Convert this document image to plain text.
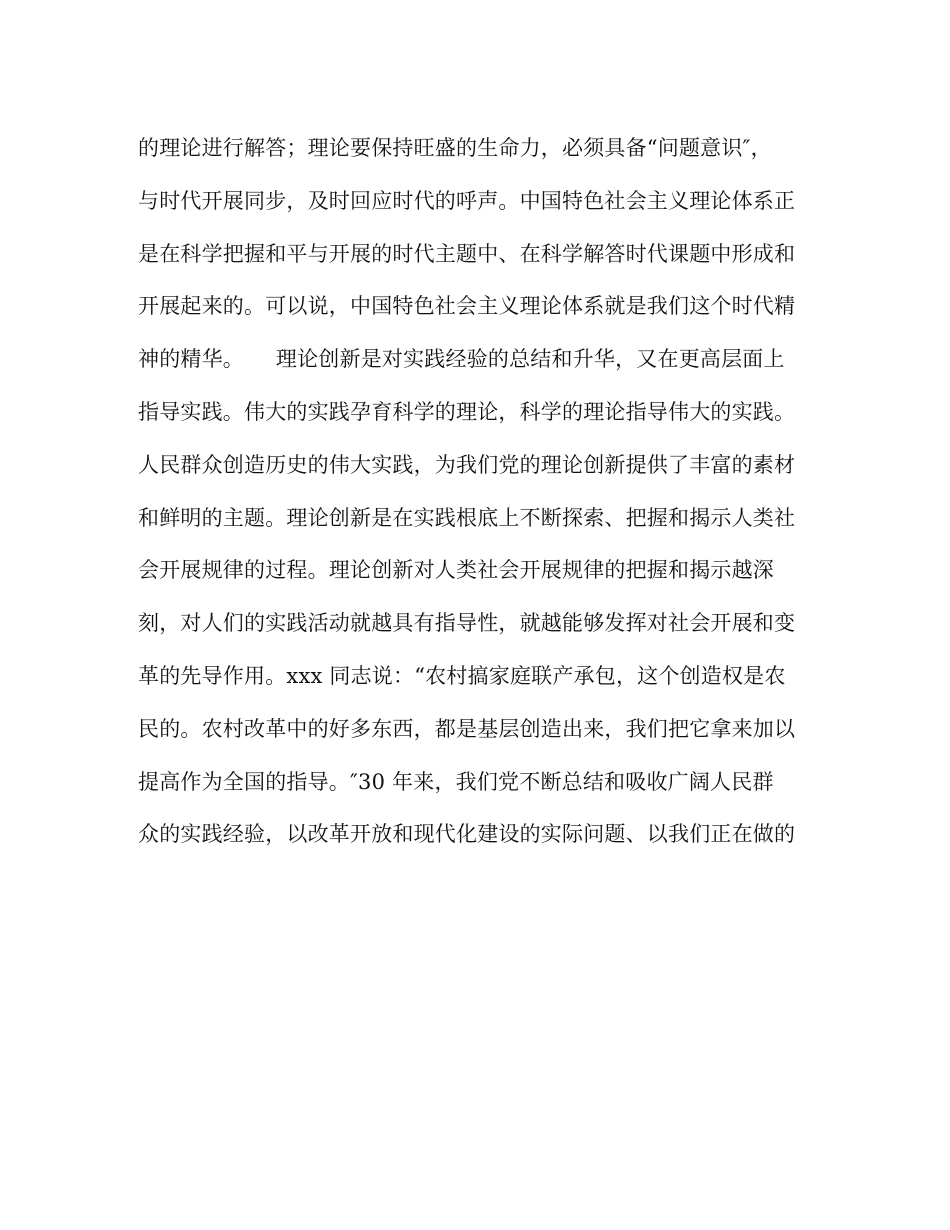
的理论进行解答；理论要保持旺盛的生命力，必须具备“问题意识″，
与时代开展同步，及时回应时代的呼声。中国特色社会主义理论体系正
是在科学把握和平与开展的时代主题中、在科学解答时代课题中形成和
开展起来的。可以说，中国特色社会主义理论体系就是我们这个时代精
神的精华。　　理论创新是对实践经验的总结和升华，又在更高层面上
指导实践。伟大的实践孕育科学的理论，科学的理论指导伟大的实践。
人民群众创造历史的伟大实践，为我们党的理论创新提供了丰富的素材
和鲜明的主题。理论创新是在实践根底上不断探索、把握和揭示人类社
会开展规律的过程。理论创新对人类社会开展规律的把握和揭示越深
刻，对人们的实践活动就越具有指导性，就越能够发挥对社会开展和变
革的先导作用。xxx 同志说：“农村搞家庭联产承包，这个创造权是农
民的。农村改革中的好多东西，都是基层创造出来，我们把它拿来加以
提高作为全国的指导。″30 年来，我们党不断总结和吸收广阔人民群
众的实践经验，以改革开放和现代化建设的实际问题、以我们正在做的
